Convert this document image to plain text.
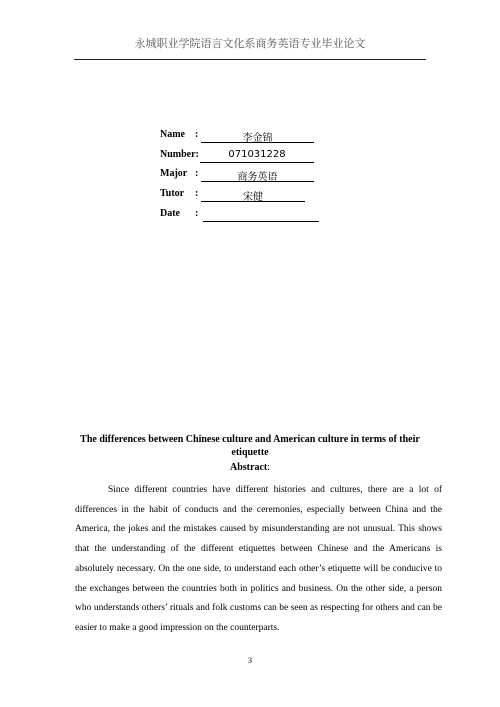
永城职业学院语言文化系商务英语专业毕业论文
Name :	李金锦
Number:	071031228
Major :	商务英语
Tutor :	宋健
Date :
The differences between Chinese culture and American culture in terms of their etiquette
Abstract:

Since different countries have different histories and cultures, there are a lot of differences in the habit of conducts and the ceremonies, especially between China and the America, the jokes and the mistakes caused by misunderstanding are not unusual. This shows that the understanding of the different etiquettes between Chinese and the Americans is absolutely necessary. On the one side, to understand each other’s etiquette will be conducive to the exchanges between the countries both in politics and business. On the other side, a person who understands others’ rituals and folk customs can be seen as respecting for others and can be easier to make a good impression on the counterparts.

3
